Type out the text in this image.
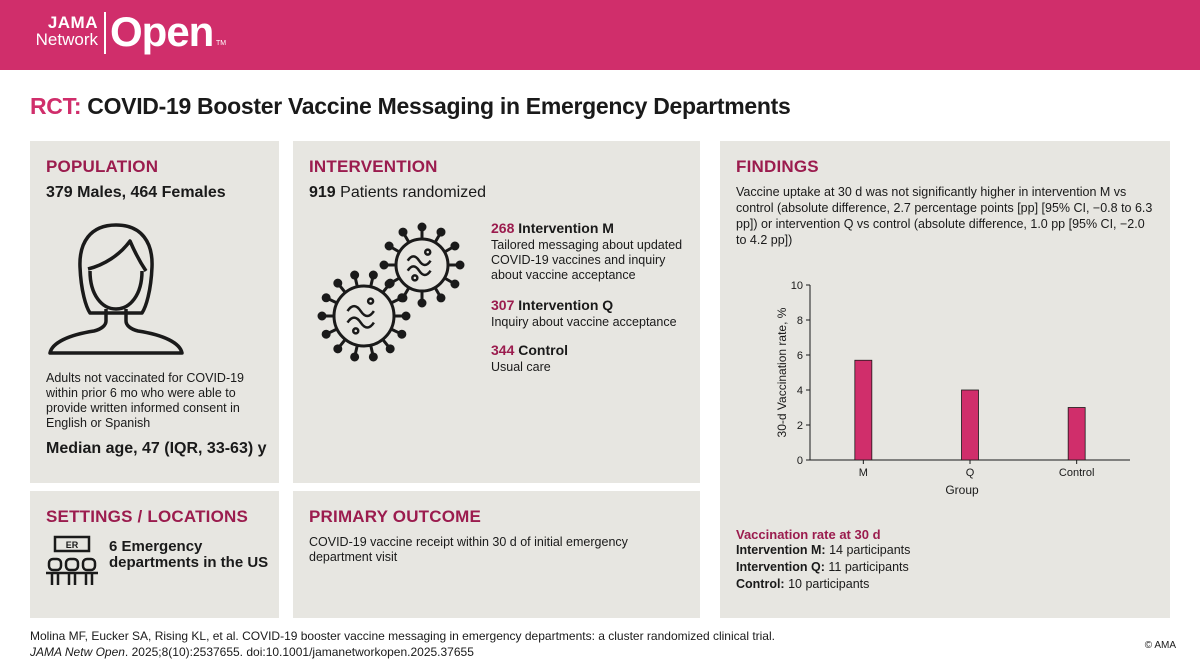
JAMA
Network Open TM
RCT: COVID-19 Booster Vaccine Messaging in Emergency Departments
POPULATION
379 Males, 464 Females
Adults not vaccinated for COVID-19 within prior 6 mo who were able to provide written informed consent in English or Spanish
Median age, 47 (IQR, 33-63) y
INTERVENTION
919 Patients randomized
268 Intervention M
Tailored messaging about updated COVID-19 vaccines and inquiry about vaccine acceptance
307 Intervention Q
Inquiry about vaccine acceptance
344 Control
Usual care
SETTINGS / LOCATIONS
ER 6 Emergency departments in the US
PRIMARY OUTCOME
COVID-19 vaccine receipt within 30 d of initial emergency department visit
FINDINGS
Vaccine uptake at 30 d was not significantly higher in intervention M vs control (absolute difference, 2.7 percentage points [pp] [95% CI, −0.8 to 6.3 pp]) or intervention Q vs control (absolute difference, 1.0 pp [95% CI, −2.0 to 4.2 pp])
30-d Vaccination rate, %
Group
0
2
4
6
8
10
M	Q	Control
Vaccination rate at 30 d
Intervention M: 14 participants
Intervention Q: 11 participants
Control: 10 participants
Molina MF, Eucker SA, Rising KL, et al. COVID-19 booster vaccine messaging in emergency departments: a cluster randomized clinical trial.
JAMA Netw Open. 2025;8(10):2537655. doi:10.1001/jamanetworkopen.2025.37655	© AMA
